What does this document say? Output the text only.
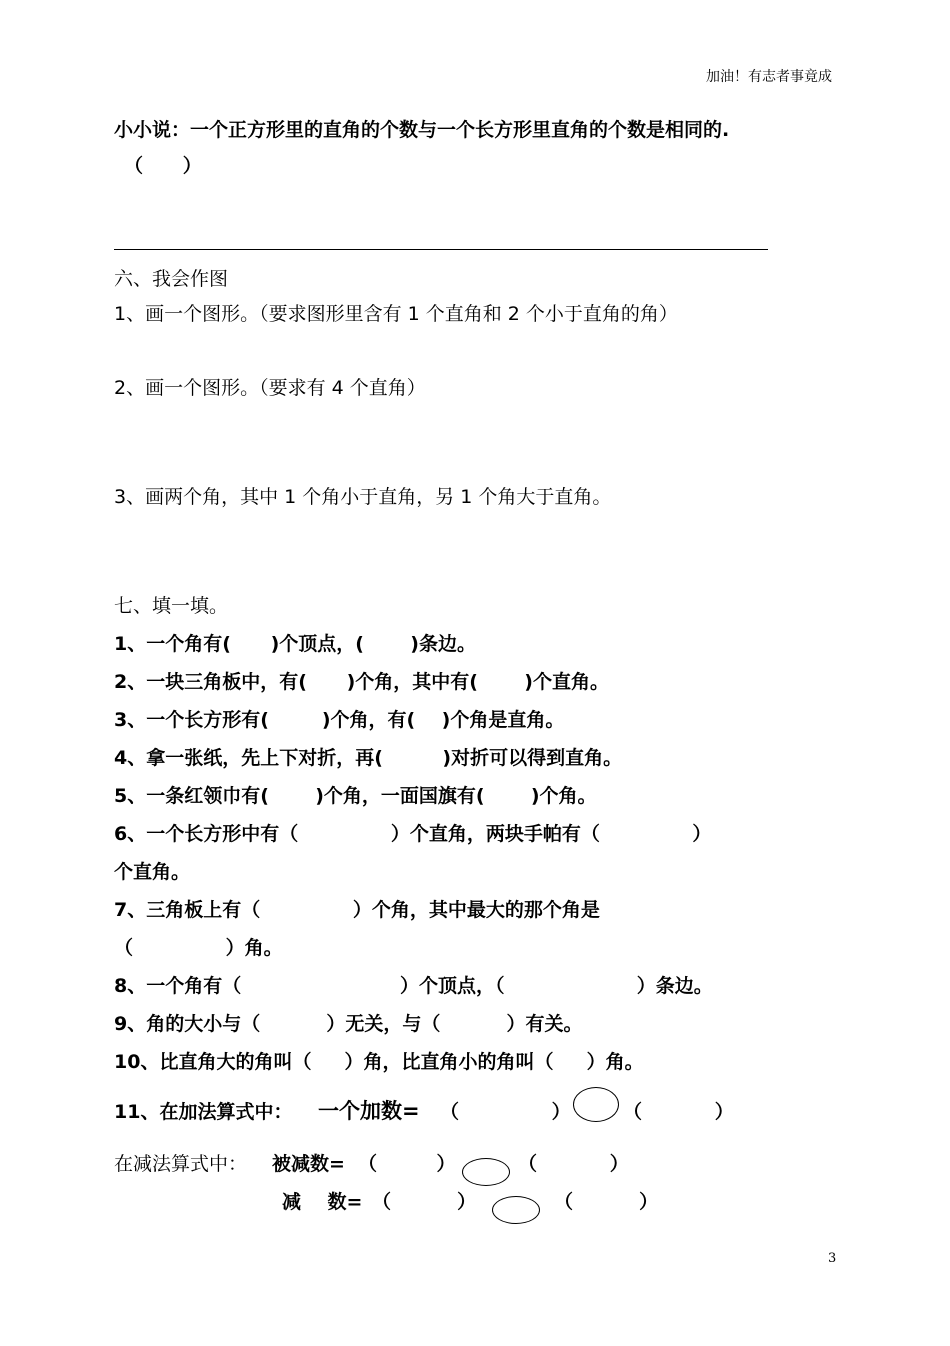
加油！有志者事竟成
小小说：一个正方形里的直角的个数与一个长方形里直角的个数是相同的.
（      ）
六、我会作图
1、画一个图形。（要求图形里含有 1 个直角和 2 个小于直角的角）
2、画一个图形。（要求有 4 个直角）
3、画两个角，其中 1 个角小于直角，另 1 个角大于直角。
七、填一填。
1、一个角有(      )个顶点，(       )条边。
2、一块三角板中，有(      )个角，其中有(       )个直角。
3、一个长方形有(        )个角，有(    )个角是直角。
4、拿一张纸，先上下对折，再(         )对折可以得到直角。
5、一条红领巾有(       )个角，一面国旗有(       )个角。
6、一个长方形中有（              ）个直角，两块手帕有（              ）
个直角。
7、三角板上有（              ）个角，其中最大的那个角是
（              ）角。
8、一个角有（                        ）个顶点，（                    ）条边。
9、角的大小与（          ）无关，与（          ）有关。
10、比直角大的角叫（     ）角，比直角小的角叫（     ）角。
11、在加法算式中： 一个加数= （              ）	（           ）
在减法算式中： 被减数= （         ）	（           ）
减    数= （          ）	（          ）
3
